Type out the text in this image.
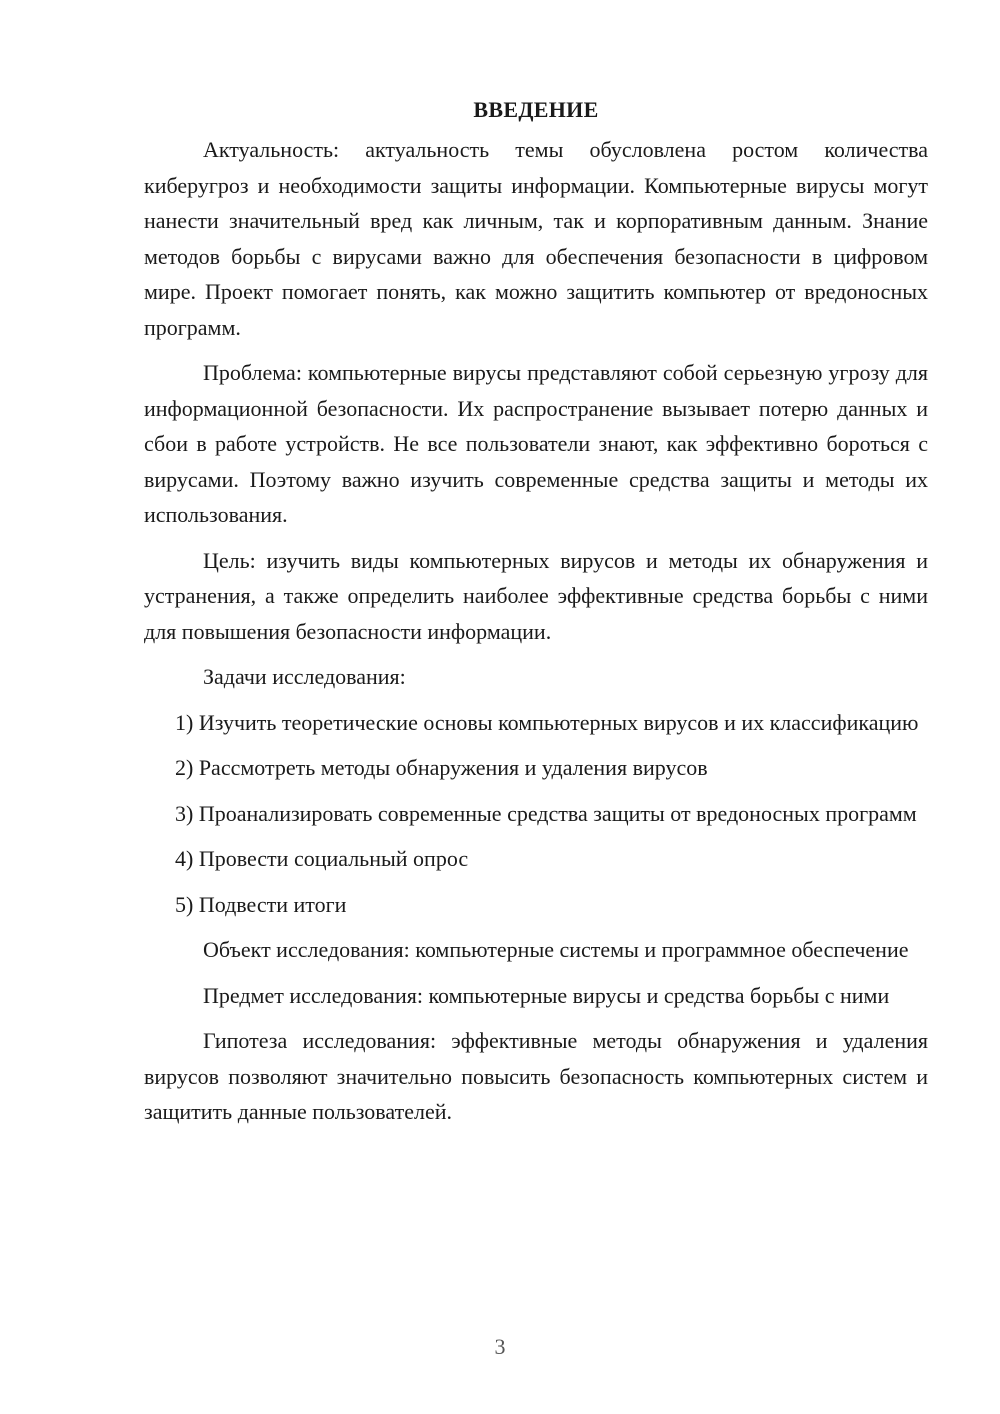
ВВЕДЕНИЕ

Актуальность: актуальность темы обусловлена ростом количества киберугроз и необходимости защиты информации. Компьютерные вирусы могут нанести значительный вред как личным, так и корпоративным данным. Знание методов борьбы с вирусами важно для обеспечения безопасности в цифровом мире. Проект помогает понять, как можно защитить компьютер от вредоносных программ.

Проблема: компьютерные вирусы представляют собой серьезную угрозу для информационной безопасности. Их распространение вызывает потерю данных и сбои в работе устройств. Не все пользователи знают, как эффективно бороться с вирусами. Поэтому важно изучить современные средства защиты и методы их использования.

Цель: изучить виды компьютерных вирусов и методы их обнаружения и устранения, а также определить наиболее эффективные средства борьбы с ними для повышения безопасности информации.

Задачи исследования:

1) Изучить теоретические основы компьютерных вирусов и их классификацию

2) Рассмотреть методы обнаружения и удаления вирусов

3) Проанализировать современные средства защиты от вредоносных программ

4) Провести социальный опрос

5) Подвести итоги

Объект исследования: компьютерные системы и программное обеспечение

Предмет исследования: компьютерные вирусы и средства борьбы с ними

Гипотеза исследования: эффективные методы обнаружения и удаления вирусов позволяют значительно повысить безопасность компьютерных систем и защитить данные пользователей.

3
